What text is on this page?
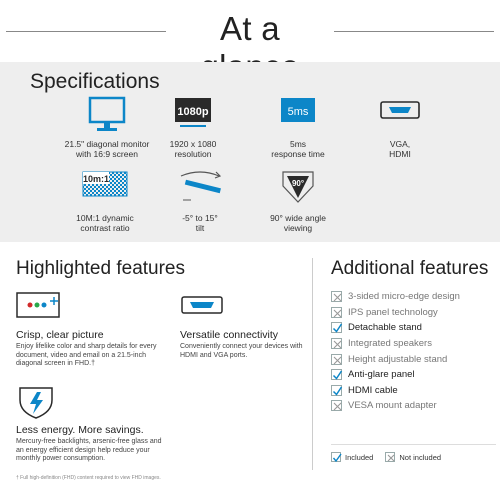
At a
Specifications
21.5" diagonal monitor
with 16:9 screen
1080p
1920 x 1080
resolution
5ms
5ms
response time
VGA,
HDMI
10m:1
10M:1 dynamic
contrast ratio
-5° to 15°
tilt
90°
90° wide angle
viewing
Highlighted features
Crisp, clear picture
Enjoy lifelike color and sharp details for every document, video and email on a 21.5-inch diagonal screen in FHD.†
Versatile connectivity
Conveniently connect your devices with HDMI and VGA ports.
Less energy. More savings.
Mercury-free backlights, arsenic-free glass and an energy efficient design help reduce your monthly power consumption.
† Full high-definition (FHD) content required to view FHD images.
Additional features
3-sided micro-edge design
IPS panel technology
Detachable stand
Integrated speakers
Height adjustable stand
Anti-glare panel
HDMI cable
VESA mount adapter
Included	Not included
